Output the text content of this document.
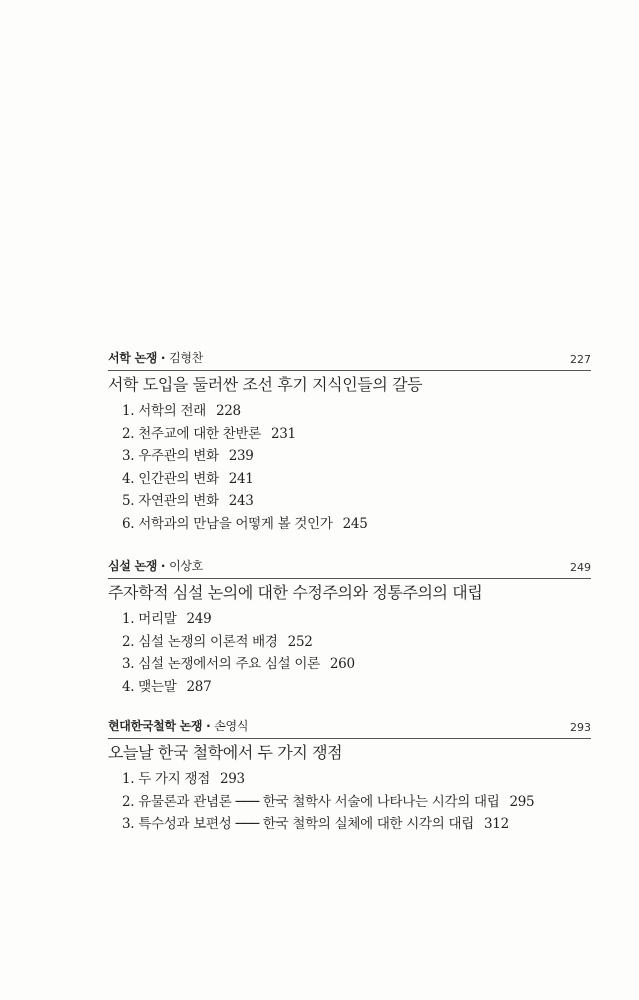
서학 논쟁 · 김형찬	227
서학 도입을 둘러싼 조선 후기 지식인들의 갈등
1. 서학의 전래 228
2. 천주교에 대한 찬반론 231
3. 우주관의 변화 239
4. 인간관의 변화 241
5. 자연관의 변화 243
6. 서학과의 만남을 어떻게 볼 것인가 245
심설 논쟁 · 이상호	249
주자학적 심설 논의에 대한 수정주의와 정통주의의 대립
1. 머리말 249
2. 심설 논쟁의 이론적 배경 252
3. 심설 논쟁에서의 주요 심설 이론 260
4. 맺는말 287
현대한국철학 논쟁 · 손영식	293
오늘날 한국 철학에서 두 가지 쟁점
1. 두 가지 쟁점 293
2. 유물론과 관념론 ─── 한국 철학사 서술에 나타나는 시각의 대립 295
3. 특수성과 보편성 ─── 한국 철학의 실체에 대한 시각의 대립 312
